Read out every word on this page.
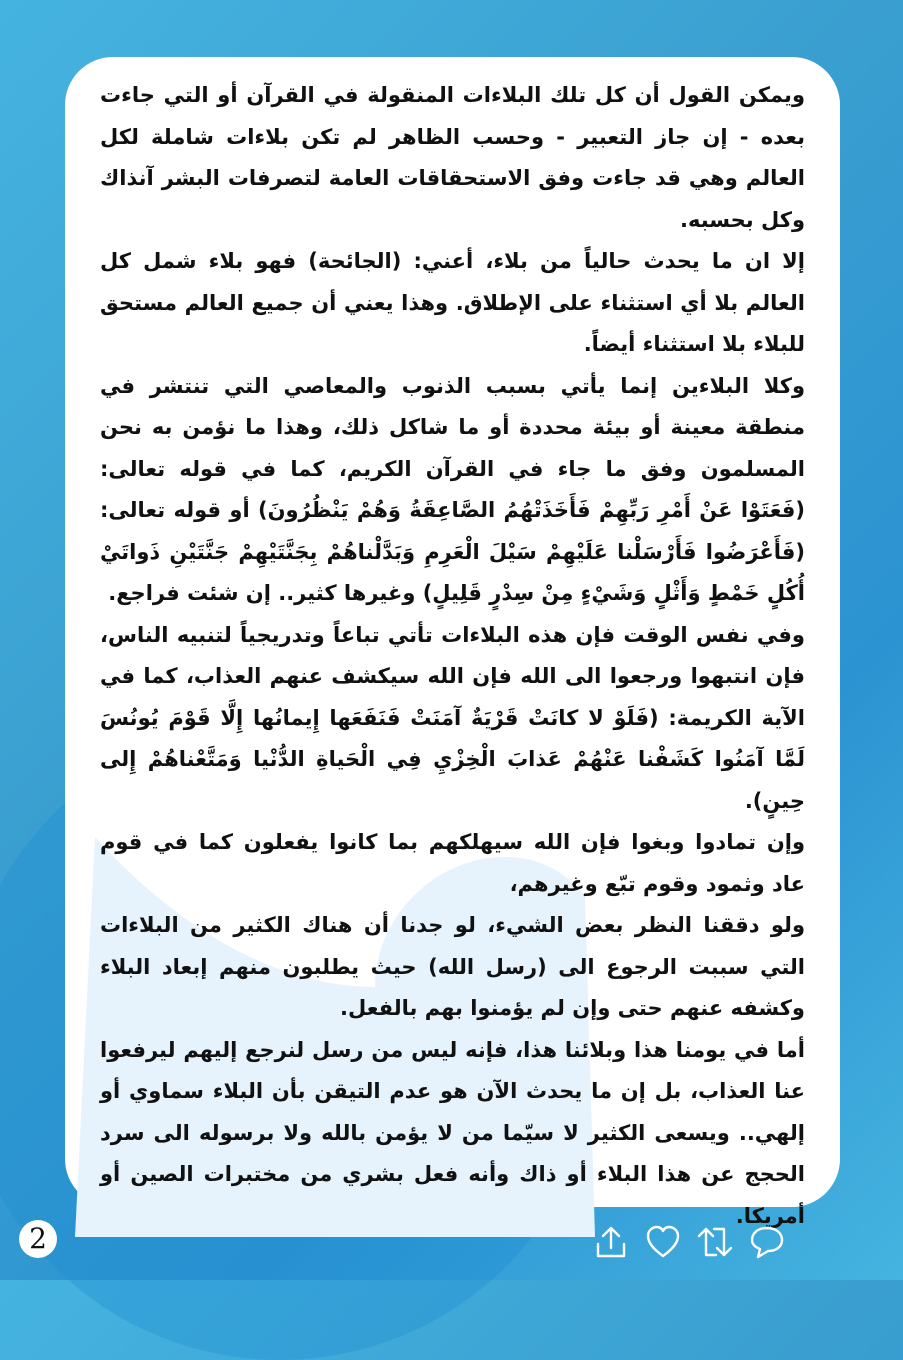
ويمكن القول أن كل تلك البلاءات المنقولة في القرآن أو التي جاءت بعده - إن جاز التعبير - وحسب الظاهر لم تكن بلاءات شاملة لكل العالم وهي قد جاءت وفق الاستحقاقات العامة لتصرفات البشر آنذاك وكل بحسبه.

إلا ان ما يحدث حالياً من بلاء، أعني: (الجائحة) فهو بلاء شمل كل العالم بلا أي استثناء على الإطلاق. وهذا يعني أن جميع العالم مستحق للبلاء بلا استثناء أيضاً.

وكلا البلاءين إنما يأتي بسبب الذنوب والمعاصي التي تنتشر في منطقة معينة أو بيئة محددة أو ما شاكل ذلك، وهذا ما نؤمن به نحن المسلمون وفق ما جاء في القرآن الكريم، كما في قوله تعالى: (فَعَتَوْا عَنْ أَمْرِ رَبِّهِمْ فَأَخَذَتْهُمُ الصَّاعِقَةُ وَهُمْ يَنْظُرُونَ) أو قوله تعالى: (فَأَعْرَضُوا فَأَرْسَلْنا عَلَيْهِمْ سَيْلَ الْعَرِمِ وَبَدَّلْناهُمْ بِجَنَّتَيْهِمْ جَنَّتَيْنِ ذَواتَيْ أُكُلٍ خَمْطٍ وَأَثْلٍ وَشَيْءٍ مِنْ سِدْرٍ قَلِيلٍ) وغيرها كثير.. إن شئت فراجع.

وفي نفس الوقت فإن هذه البلاءات تأتي تباعاً وتدريجياً لتنبيه الناس، فإن انتبهوا ورجعوا الى الله فإن الله سيكشف عنهم العذاب، كما في الآية الكريمة: (فَلَوْ لا كانَتْ قَرْيَةٌ آمَنَتْ فَنَفَعَها إِيمانُها إِلَّا قَوْمَ يُونُسَ لَمَّا آمَنُوا كَشَفْنا عَنْهُمْ عَذابَ الْخِزْيِ فِي الْحَياةِ الدُّنْيا وَمَتَّعْناهُمْ إِلى حِينٍ).

وإن تمادوا وبغوا فإن الله سيهلكهم بما كانوا يفعلون كما في قوم عاد وثمود وقوم تبّع وغيرهم،

ولو دققنا النظر بعض الشيء، لو جدنا أن هناك الكثير من البلاءات التي سببت الرجوع الى (رسل الله) حيث يطلبون منهم إبعاد البلاء وكشفه عنهم حتى وإن لم يؤمنوا بهم بالفعل.

أما في يومنا هذا وبلائنا هذا، فإنه ليس من رسل لنرجع إليهم ليرفعوا عنا العذاب، بل إن ما يحدث الآن هو عدم التيقن بأن البلاء سماوي أو إلهي.. ويسعى الكثير لا سيّما من لا يؤمن بالله ولا برسوله الى سرد الحجج عن هذا البلاء أو ذاك وأنه فعل بشري من مختبرات الصين أو أمريكا.

2
